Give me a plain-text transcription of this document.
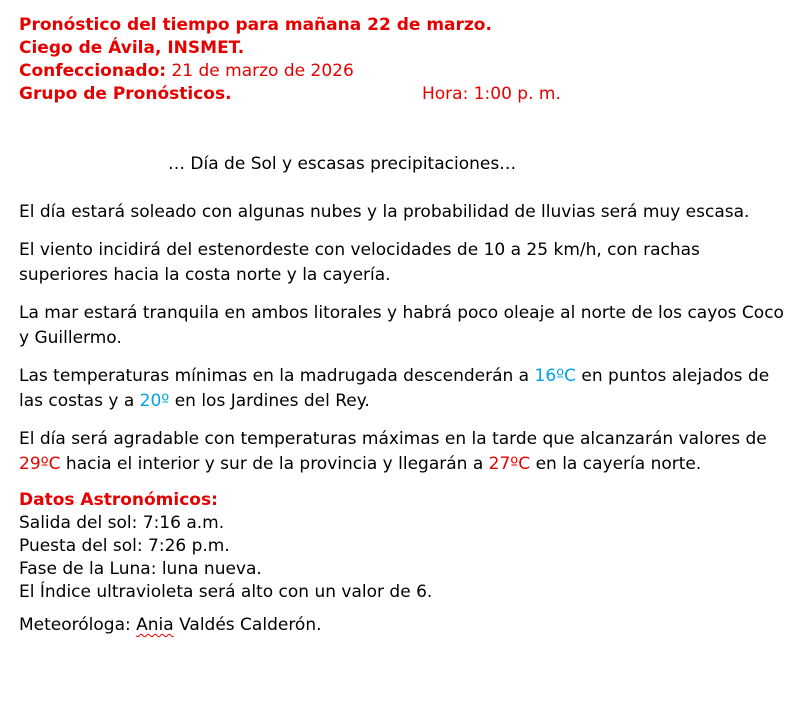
Pronóstico del tiempo para mañana 22 de marzo.
Ciego de Ávila, INSMET.
Confeccionado: 21 de marzo de 2026
Grupo de Pronósticos.	Hora: 1:00 p. m.
… Día de Sol y escasas precipitaciones…

El día estará soleado con algunas nubes y la probabilidad de lluvias será muy escasa.

El viento incidirá del estenordeste con velocidades de 10 a 25 km/h, con rachas superiores hacia la costa norte y la cayería.

La mar estará tranquila en ambos litorales y habrá poco oleaje al norte de los cayos Coco y Guillermo.

Las temperaturas mínimas en la madrugada descenderán a 16ºC en puntos alejados de las costas y a 20º en los Jardines del Rey.

El día será agradable con temperaturas máximas en la tarde que alcanzarán valores de 29ºC hacia el interior y sur de la provincia y llegarán a 27ºC en la cayería norte.

Datos Astronómicos:
Salida del sol: 7:16 a.m.
Puesta del sol: 7:26 p.m.
Fase de la Luna: luna nueva.
El Índice ultravioleta será alto con un valor de 6.
Meteoróloga: Ania Valdés Calderón.
